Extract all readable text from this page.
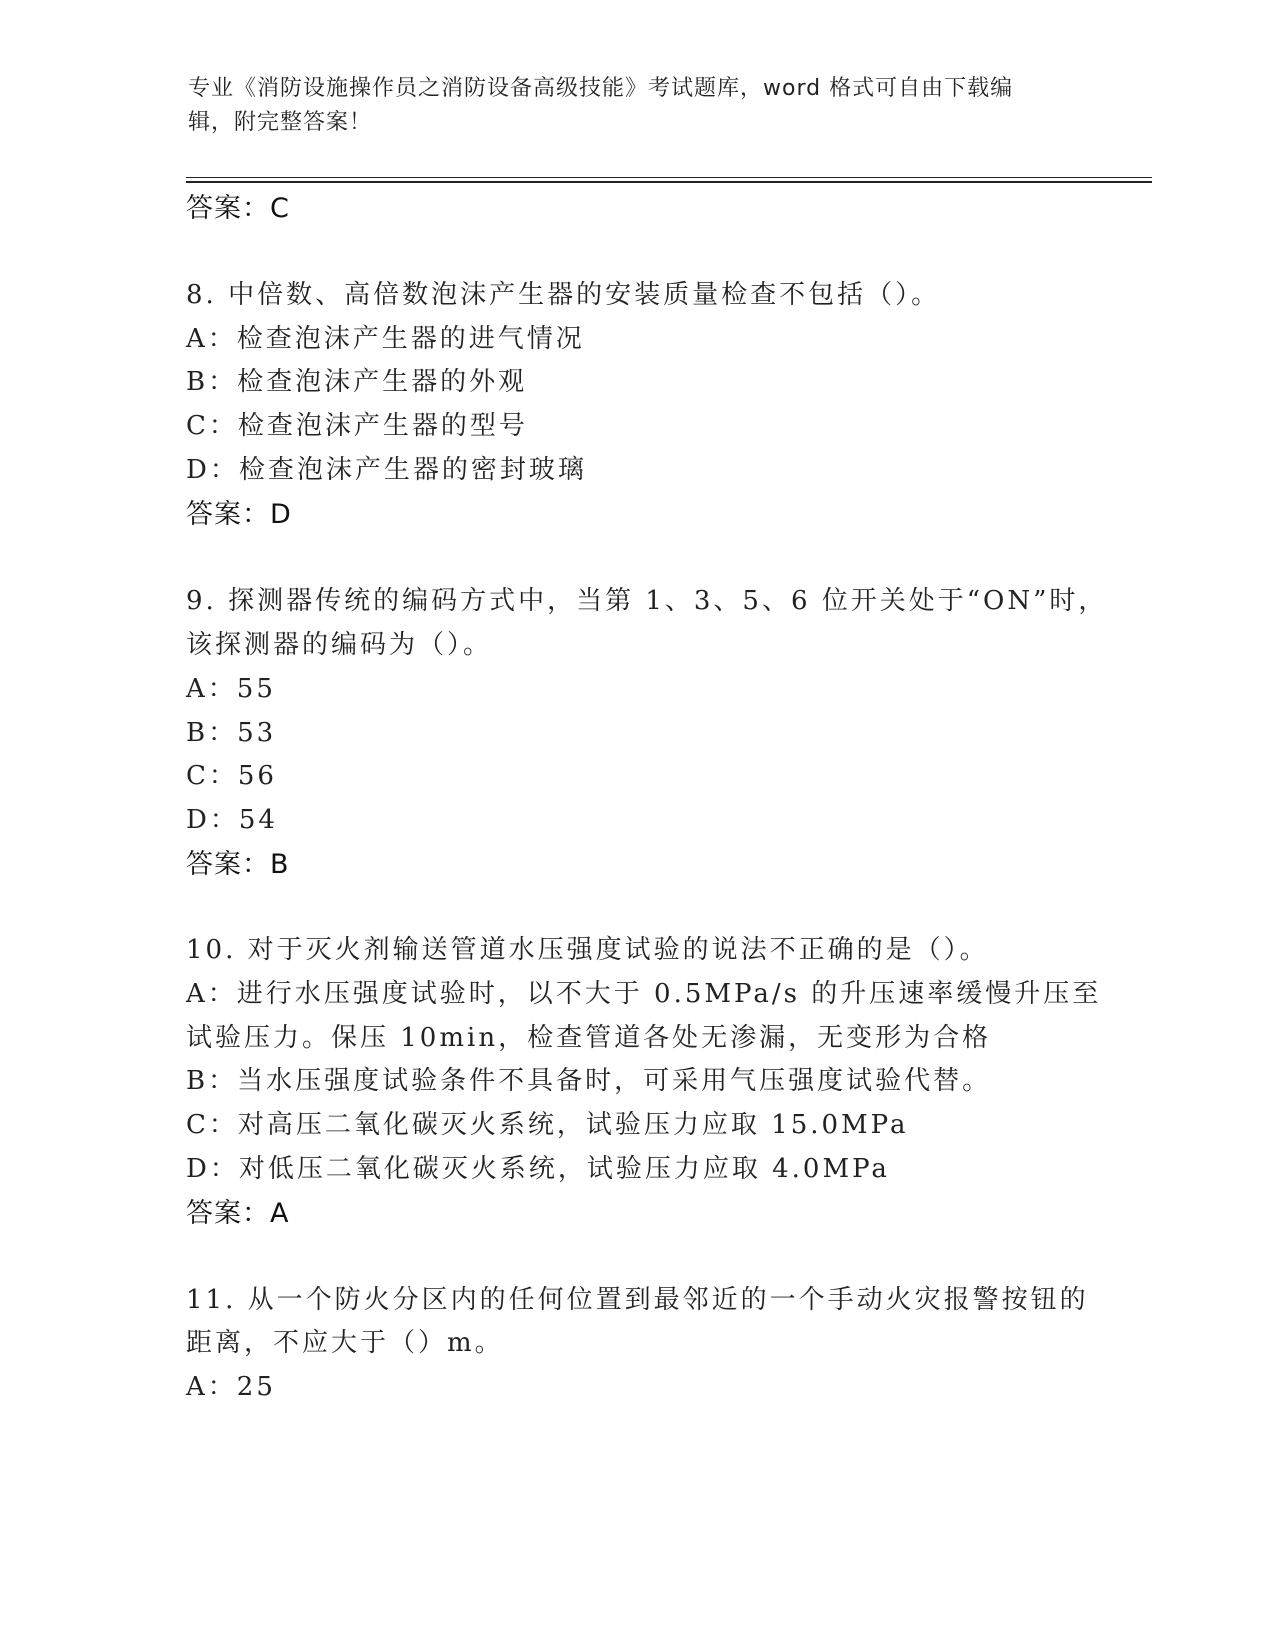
专业《消防设施操作员之消防设备高级技能》考试题库，word 格式可自由下载编
辑，附完整答案！
答案：C
8. 中倍数、高倍数泡沫产生器的安装质量检查不包括（）。
A：检查泡沫产生器的进气情况
B：检查泡沫产生器的外观
C：检查泡沫产生器的型号
D：检查泡沫产生器的密封玻璃
答案：D
9. 探测器传统的编码方式中，当第 1、3、5、6 位开关处于“ON”时，
该探测器的编码为（）。
A：55
B：53
C：56
D：54
答案：B
10. 对于灭火剂输送管道水压强度试验的说法不正确的是（）。
A：进行水压强度试验时，以不大于 0.5MPa/s 的升压速率缓慢升压至
试验压力。保压 10min，检查管道各处无渗漏，无变形为合格
B：当水压强度试验条件不具备时，可采用气压强度试验代替。
C：对高压二氧化碳灭火系统，试验压力应取 15.0MPa
D：对低压二氧化碳灭火系统，试验压力应取 4.0MPa
答案：A
11. 从一个防火分区内的任何位置到最邻近的一个手动火灾报警按钮的
距离，不应大于（）m。
A：25
